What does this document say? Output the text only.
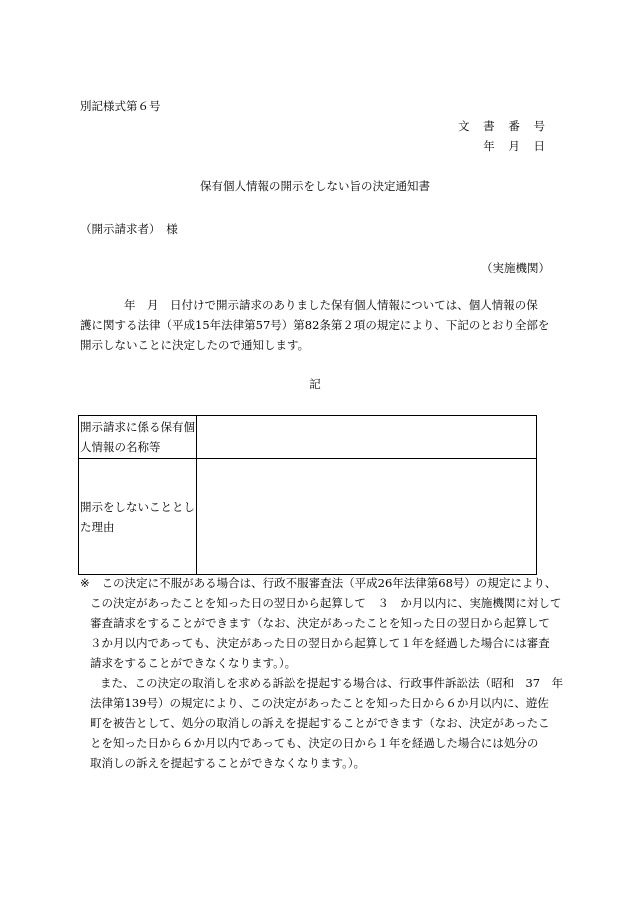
別記様式第６号
文 書 番 号
年 月 日
保有個人情報の開示をしない旨の決定通知書
（開示請求者）　様
（実施機関）
年　月　日付けで開示請求のありました保有個人情報については、個人情報の保
護に関する法律（平成15年法律第57号）第82条第２項の規定により、下記のとおり全部を
開示しないことに決定したので通知します。
記
開示請求に係る保有個
人情報の名称等	

開示をしないこととし
た理由	

※ この決定に不服がある場合は、行政不服審査法（平成26年法律第68号）の規定により、
この決定があったことを知った日の翌日から起算して　３　か月以内に、実施機関に対して
審査請求をすることができます（なお、決定があったことを知った日の翌日から起算して
３か月以内であっても、決定があった日の翌日から起算して１年を経過した場合には審査
請求をすることができなくなります。）。
また、この決定の取消しを求める訴訟を提起する場合は、行政事件訴訟法（昭和　37　年
法律第139号）の規定により、この決定があったことを知った日から６か月以内に、遊佐
町を被告として、処分の取消しの訴えを提起することができます（なお、決定があったこ
とを知った日から６か月以内であっても、決定の日から１年を経過した場合には処分の
取消しの訴えを提起することができなくなります。）。
